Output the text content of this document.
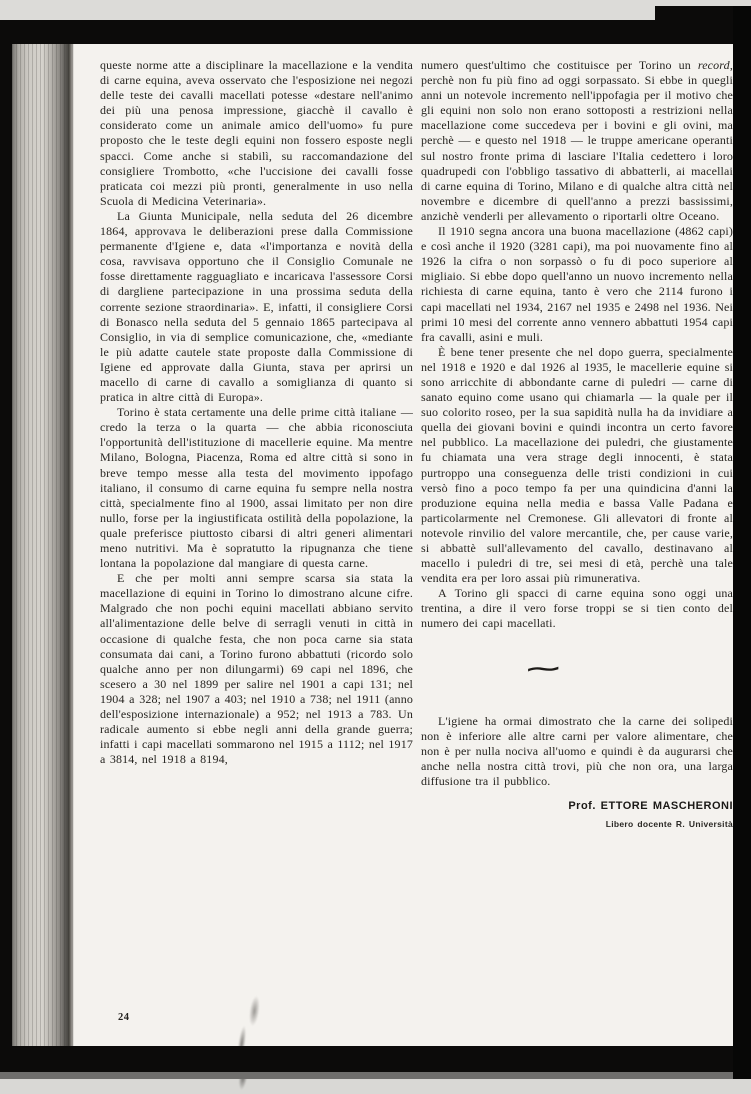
queste norme atte a disciplinare la macellazione e la vendita di carne equina, aveva osservato che l'esposizione nei negozi delle teste dei cavalli macellati potesse «destare nell'animo dei più una penosa impressione, giacchè il cavallo è considerato come un animale amico dell'uomo» fu pure proposto che le teste degli equini non fossero esposte negli spacci. Come anche si stabilì, su raccomandazione del consigliere Trombotto, «che l'uccisione dei cavalli fosse praticata coi mezzi più pronti, generalmente in uso nella Scuola di Medicina Veterinaria».

La Giunta Municipale, nella seduta del 26 dicembre 1864, approvava le deliberazioni prese dalla Commissione permanente d'Igiene e, data «l'importanza e novità della cosa, ravvisava opportuno che il Consiglio Comunale ne fosse direttamente ragguagliato e incaricava l'assessore Corsi di dargliene partecipazione in una prossima seduta della corrente sezione straordinaria». E, infatti, il consigliere Corsi di Bonasco nella seduta del 5 gennaio 1865 partecipava al Consiglio, in via di semplice comunicazione, che, «mediante le più adatte cautele state proposte dalla Commissione di Igiene ed approvate dalla Giunta, stava per aprirsi un macello di carne di cavallo a somiglianza di quanto si pratica in altre città di Europa».

Torino è stata certamente una delle prime città italiane — credo la terza o la quarta — che abbia riconosciuta l'opportunità dell'istituzione di macellerie equine. Ma mentre Milano, Bologna, Piacenza, Roma ed altre città si sono in breve tempo messe alla testa del movimento ippofago italiano, il consumo di carne equina fu sempre nella nostra città, specialmente fino al 1900, assai limitato per non dire nullo, forse per la ingiustificata ostilità della popolazione, la quale preferisce piuttosto cibarsi di altri generi alimentari meno nutritivi. Ma è sopratutto la ripugnanza che tiene lontana la popolazione dal mangiare di questa carne.

E che per molti anni sempre scarsa sia stata la macellazione di equini in Torino lo dimostrano alcune cifre. Malgrado che non pochi equini macellati abbiano servito all'alimentazione delle belve di serragli venuti in città in occasione di qualche festa, che non poca carne sia stata consumata dai cani, a Torino furono abbattuti (ricordo solo qualche anno per non dilungarmi) 69 capi nel 1896, che scesero a 30 nel 1899 per salire nel 1901 a capi 131; nel 1904 a 328; nel 1907 a 403; nel 1910 a 738; nel 1911 (anno dell'esposizione internazionale) a 952; nel 1913 a 783. Un radicale aumento si ebbe negli anni della grande guerra; infatti i capi macellati sommarono nel 1915 a 1112; nel 1917 a 3814, nel 1918 a 8194,

numero quest'ultimo che costituisce per Torino un record, perchè non fu più fino ad oggi sorpassato. Si ebbe in quegli anni un notevole incremento nell'ippofagia per il motivo che gli equini non solo non erano sottoposti a restrizioni nella macellazione come succedeva per i bovini e gli ovini, ma perchè — e questo nel 1918 — le truppe americane operanti sul nostro fronte prima di lasciare l'Italia cedettero i loro quadrupedi con l'obbligo tassativo di abbatterli, ai macellai di carne equina di Torino, Milano e di qualche altra città nel novembre e dicembre di quell'anno a prezzi bassissimi, anzichè venderli per allevamento o riportarli oltre Oceano.

Il 1910 segna ancora una buona macellazione (4862 capi) e così anche il 1920 (3281 capi), ma poi nuovamente fino al 1926 la cifra o non sorpassò o fu di poco superiore al migliaio. Si ebbe dopo quell'anno un nuovo incremento nella richiesta di carne equina, tanto è vero che 2114 furono i capi macellati nel 1934, 2167 nel 1935 e 2498 nel 1936. Nei primi 10 mesi del corrente anno vennero abbattuti 1954 capi fra cavalli, asini e muli.

È bene tener presente che nel dopo guerra, specialmente nel 1918 e 1920 e dal 1926 al 1935, le macellerie equine si sono arricchite di abbondante carne di puledri — carne di sanato equino come usano qui chiamarla — la quale per il suo colorito roseo, per la sua sapidità nulla ha da invidiare a quella dei giovani bovini e quindi incontra un certo favore nel pubblico. La macellazione dei puledri, che giustamente fu chiamata una vera strage degli innocenti, è stata purtroppo una conseguenza delle tristi condizioni in cui versò fino a poco tempo fa per una quindicina d'anni la produzione equina nella media e bassa Valle Padana e particolarmente nel Cremonese. Gli allevatori di fronte al notevole rinvilio del valore mercantile, che, per cause varie, si abbattè sull'allevamento del cavallo, destinavano al macello i puledri di tre, sei mesi di età, perchè una tale vendita era per loro assai più rimunerativa.

A Torino gli spacci di carne equina sono oggi una trentina, a dire il vero forse troppi se si tien conto del numero dei capi macellati.

∼

L'igiene ha ormai dimostrato che la carne dei solipedi non è inferiore alle altre carni per valore alimentare, che non è per nulla nociva all'uomo e quindi è da augurarsi che anche nella nostra città trovi, più che non ora, una larga diffusione tra il pubblico.

Prof. ETTORE MASCHERONI
Libero docente R. Università
24
